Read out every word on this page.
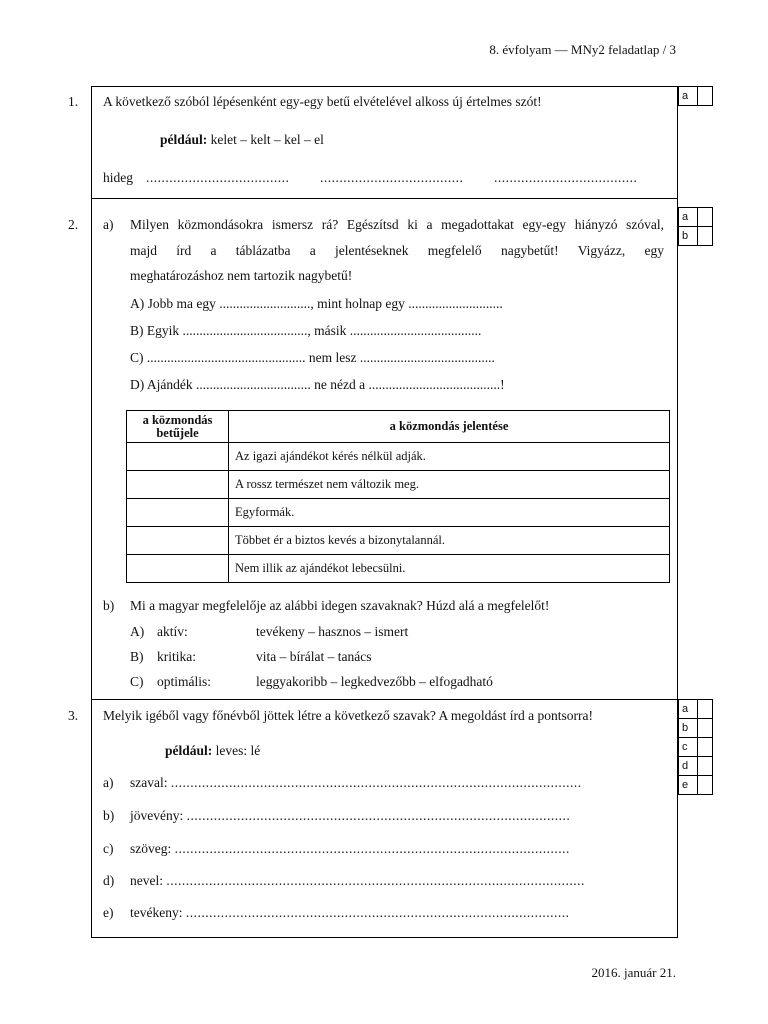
8. évfolyam — MNy2 feladatlap / 3
2016. január 21.
1. A következő szóból lépésenként egy-egy betű elvételével alkoss új értelmes szót!
például: kelet – kelt – kel – el
hideg ..................................... ..................................... .....................................
a	
2. a) Milyen közmondásokra ismersz rá? Egészítsd ki a megadottakat egy-egy hiányzó szóval,
majd írd a táblázatba a jelentéseknek megfelelő nagybetűt! Vigyázz, egy
meghatározáshoz nem tartozik nagybetű!
A) Jobb ma egy ..........................., mint holnap egy ............................
B) Egyik ....................................., másik .......................................
C) ............................................... nem lesz ........................................
D) Ajándék .................................. ne nézd a .......................................!
a közmondás betűjele	a közmondás jelentése
	Az igazi ajándékot kérés nélkül adják.
	A rossz természet nem változik meg.
	Egyformák.
	Többet ér a biztos kevés a bizonytalannál.
	Nem illik az ajándékot lebecsülni.
b) Mi a magyar megfelelője az alábbi idegen szavaknak? Húzd alá a megfelelőt!
A) aktív:	tevékeny – hasznos – ismert
B) kritika:	vita – bírálat – tanács
C) optimális:	leggyakoribb – legkedvezőbb – elfogadható
a	
b	
3. Melyik igéből vagy főnévből jöttek létre a következő szavak? A megoldást írd a pontsorra!
például: leves: lé
a) szaval: ..........................................................................................................
b) jövevény: ...................................................................................................
c) szöveg: ......................................................................................................
d) nevel: ............................................................................................................
e) tevékeny: ...................................................................................................
a	
b	
c	
d	
e	
